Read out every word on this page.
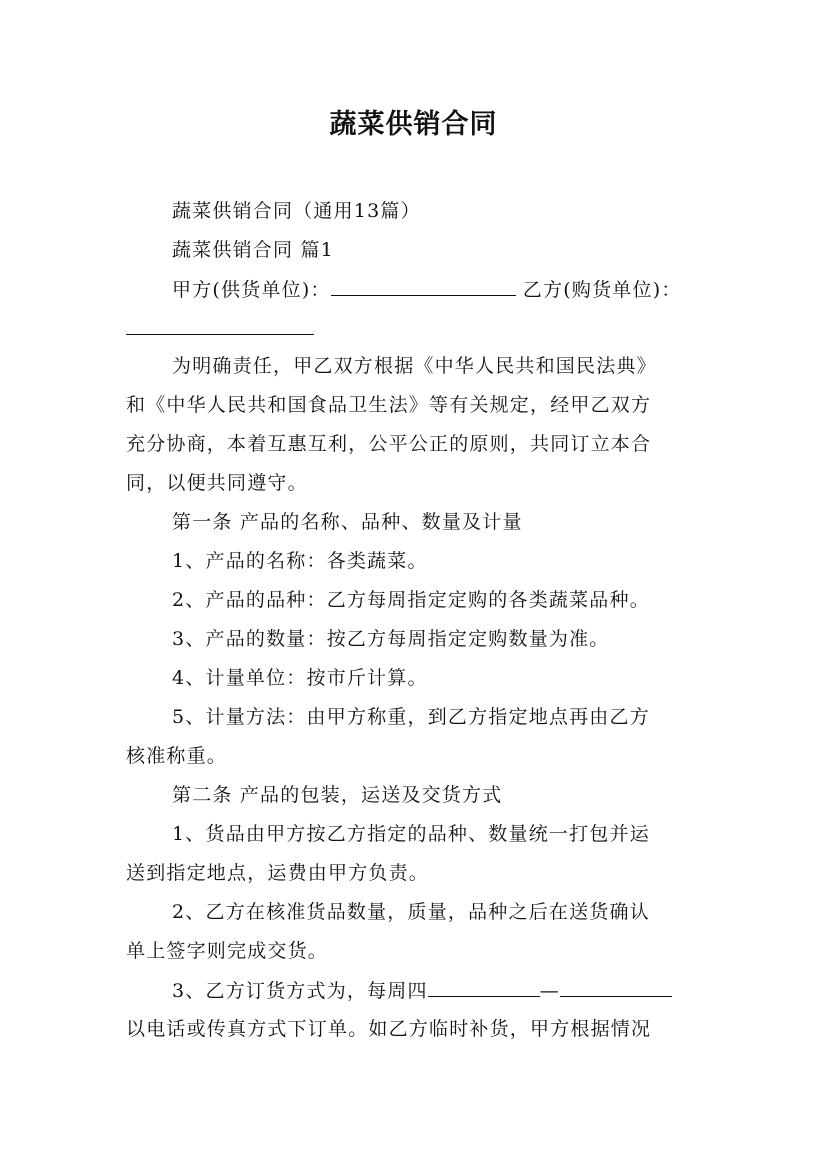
蔬菜供销合同
蔬菜供销合同（通用13篇）
蔬菜供销合同 篇1
甲方(供货单位)：	乙方(购货单位)：
为明确责任，甲乙双方根据《中华人民共和国民法典》
和《中华人民共和国食品卫生法》等有关规定，经甲乙双方
充分协商，本着互惠互利，公平公正的原则，共同订立本合
同，以便共同遵守。
第一条 产品的名称、品种、数量及计量
1、产品的名称：各类蔬菜。
2、产品的品种：乙方每周指定定购的各类蔬菜品种。
3、产品的数量：按乙方每周指定定购数量为准。
4、计量单位：按市斤计算。
5、计量方法：由甲方称重，到乙方指定地点再由乙方
核准称重。
第二条 产品的包装，运送及交货方式
1、货品由甲方按乙方指定的品种、数量统一打包并运
送到指定地点，运费由甲方负责。
2、乙方在核准货品数量，质量，品种之后在送货确认
单上签字则完成交货。
3、乙方订货方式为，每周四	—
以电话或传真方式下订单。如乙方临时补货，甲方根据情况
